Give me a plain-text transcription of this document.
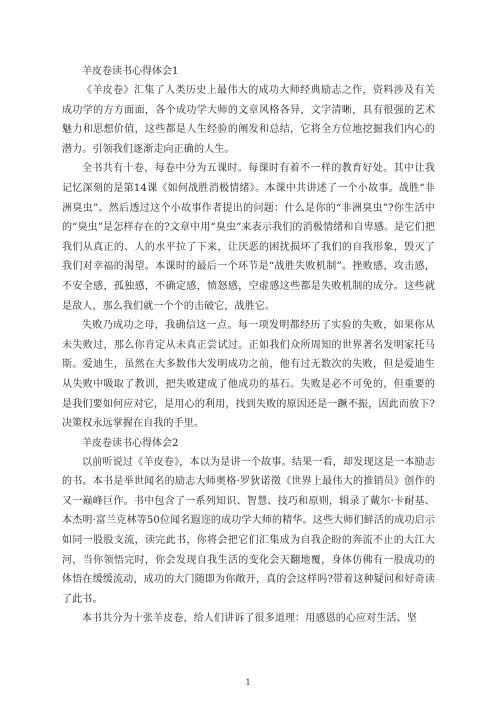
羊皮卷读书心得体会1

《羊皮卷》汇集了人类历史上最伟大的成功大师经典励志之作，资料涉及有关成功学的方方面面，各个成功学大师的文章风格各异，文字清晰，具有很强的艺术魅力和思想价值，这些都是人生经验的阐发和总结，它将全方位地挖掘我们内心的潜力。引领我们逐渐走向正确的人生。

全书共有十卷，每卷中分为五课时。每课时有着不一样的教育好处。其中让我记忆深刻的是第14课《如何战胜消极情绪》。本课中共讲述了一个小故事。战胜“非洲臭虫”。然后透过这个小故事作者提出的问题：什么是你的“非洲臭虫”?你生活中的“臭虫”是怎样存在的?文章中用“臭虫”来表示我们的消极情绪和自卑感。是它们把我们从真正的、人的水平拉了下来，让厌恶的困扰损坏了我们的自我形象，毁灭了我们对幸福的渴望。本课时的最后一个环节是“战胜失败机制”。挫败感，攻击感，不安全感，孤独感，不确定感，愤怒感，空虚感这些都是失败机制的成分。这些就是敌人，那么我们就一个个的击破它，战胜它。

失败乃成功之母，我确信这一点。每一项发明都经历了实验的失败，如果你从未失败过，那么你肯定从未真正尝试过。正如我们众所周知的世界著名发明家托马斯。爱迪生，虽然在大多数伟大发明成功之前，他有过无数次的失败，但是爱迪生从失败中吸取了教训，把失败建成了他成功的基石。失败是必不可免的，但重要的是我们要如何应对它，是用心的利用，找到失败的原因还是一蹶不振，因此而放下?决策权永远掌握在自我的手里。

羊皮卷读书心得体会2

以前听说过《羊皮卷》，本以为是讲一个故事。结果一看，却发现这是一本励志的书。本书是举世闻名的励志大师奥格·罗狄诺徵《世界上最伟大的推销员》创作的又一巅峰巨作。书中包含了一系列知识、智慧、技巧和原则，辑录了戴尔·卡耐基、本杰明·富兰克林等50位闻名遐迩的成功学大师的精华。这些大师们鲜活的成功启示如同一股股支流，读完此书，你将会把它们汇集成为自我企盼的奔流不止的大江大河，当你领悟完时，你会发现自我生活的变化会天翻地覆，身体仿佛有一股成功的体悟在缓缓流动，成功的大门随即为你敞开，真的会这样吗?带着这种疑问和好奇读了此书。

本书共分为十张羊皮卷，给人们讲诉了很多道理：用感恩的心应对生活、坚

1
